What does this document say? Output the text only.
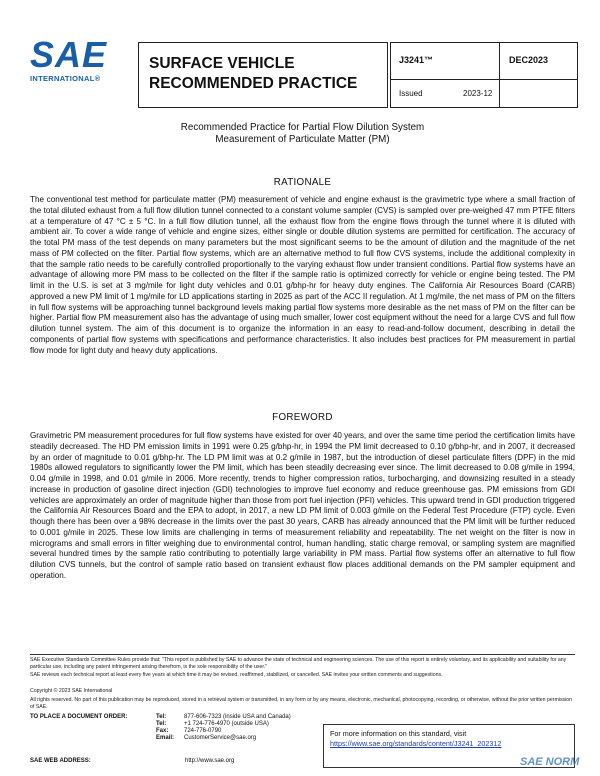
SAE
INTERNATIONAL®
SURFACE VEHICLE
RECOMMENDED PRACTICE
J3241™	DEC2023
Issued	2023-12
Recommended Practice for Partial Flow Dilution System
Measurement of Particulate Matter (PM)
RATIONALE
The conventional test method for particulate matter (PM) measurement of vehicle and engine exhaust is the gravimetric type where a small fraction of the total diluted exhaust from a full flow dilution tunnel connected to a constant volume sampler (CVS) is sampled over pre-weighed 47 mm PTFE filters at a temperature of 47 °C ± 5 °C. In a full flow dilution tunnel, all the exhaust flow from the engine flows through the tunnel where it is diluted with ambient air. To cover a wide range of vehicle and engine sizes, either single or double dilution systems are permitted for certification. The accuracy of the total PM mass of the test depends on many parameters but the most significant seems to be the amount of dilution and the magnitude of the net mass of PM collected on the filter. Partial flow systems, which are an alternative method to full flow CVS systems, include the additional complexity in that the sample ratio needs to be carefully controlled proportionally to the varying exhaust flow under transient conditions. Partial flow systems have an advantage of allowing more PM mass to be collected on the filter if the sample ratio is optimized correctly for vehicle or engine being tested. The PM limit in the U.S. is set at 3 mg/mile for light duty vehicles and 0.01 g/bhp-hr for heavy duty engines. The California Air Resources Board (CARB) approved a new PM limit of 1 mg/mile for LD applications starting in 2025 as part of the ACC II regulation. At 1 mg/mile, the net mass of PM on the filters in full flow systems will be approaching tunnel background levels making partial flow systems more desirable as the net mass of PM on the filter can be higher. Partial flow PM measurement also has the advantage of using much smaller, lower cost equipment without the need for a large CVS and full flow dilution tunnel system. The aim of this document is to organize the information in an easy to read-and-follow document, describing in detail the components of partial flow systems with specifications and performance characteristics. It also includes best practices for PM measurement in partial flow mode for light duty and heavy duty applications.
FOREWORD
Gravimetric PM measurement procedures for full flow systems have existed for over 40 years, and over the same time period the certification limits have steadily decreased. The HD PM emission limits in 1991 were 0.25 g/bhp-hr, in 1994 the PM limit decreased to 0.10 g/bhp-hr, and in 2007, it decreased by an order of magnitude to 0.01 g/bhp-hr. The LD PM limit was at 0.2 g/mile in 1987, but the introduction of diesel particulate filters (DPF) in the mid 1980s allowed regulators to significantly lower the PM limit, which has been steadily decreasing ever since. The limit decreased to 0.08 g/mile in 1994, 0.04 g/mile in 1998, and 0.01 g/mile in 2006. More recently, trends to higher compression ratios, turbocharging, and downsizing resulted in a steady increase in production of gasoline direct injection (GDI) technologies to improve fuel economy and reduce greenhouse gas. PM emissions from GDI vehicles are approximately an order of magnitude higher than those from port fuel injection (PFI) vehicles. This upward trend in GDI production triggered the California Air Resources Board and the EPA to adopt, in 2017, a new LD PM limit of 0.003 g/mile on the Federal Test Procedure (FTP) cycle. Even though there has been over a 98% decrease in the limits over the past 30 years, CARB has already announced that the PM limit will be further reduced to 0.001 g/mile in 2025. These low limits are challenging in terms of measurement reliability and repeatability. The net weight on the filter is now in micrograms and small errors in filter weighing due to environmental control, human handling, static charge removal, or sampling system are magnified several hundred times by the sample ratio contributing to potentially large variability in PM mass. Partial flow systems offer an alternative to full flow dilution CVS tunnels, but the control of sample ratio based on transient exhaust flow places additional demands on the PM sampler equipment and operation.
SAE Executive Standards Committee Rules provide that: "This report is published by SAE to advance the state of technical and engineering sciences. The use of this report is entirely voluntary, and its applicability and suitability for any particular use, including any patent infringement arising therefrom, is the sole responsibility of the user."
SAE reviews each technical report at least every five years at which time it may be revised, reaffirmed, stabilized, or cancelled. SAE invites your written comments and suggestions.
Copyright © 2023 SAE International
All rights reserved. No part of this publication may be reproduced, stored in a retrieval system or transmitted, in any form or by any means, electronic, mechanical, photocopying, recording, or otherwise, without the prior written permission of SAE.
TO PLACE A DOCUMENT ORDER:	Tel:	877-606-7323 (inside USA and Canada)
Tel:	+1 724-776-4970 (outside USA)
Fax:	724-776-0790
Email: CustomerService@sae.org
SAE WEB ADDRESS:	http://www.sae.org
For more information on this standard, visit
https://www.sae.org/standards/content/J3241_202312
SAE NORM
